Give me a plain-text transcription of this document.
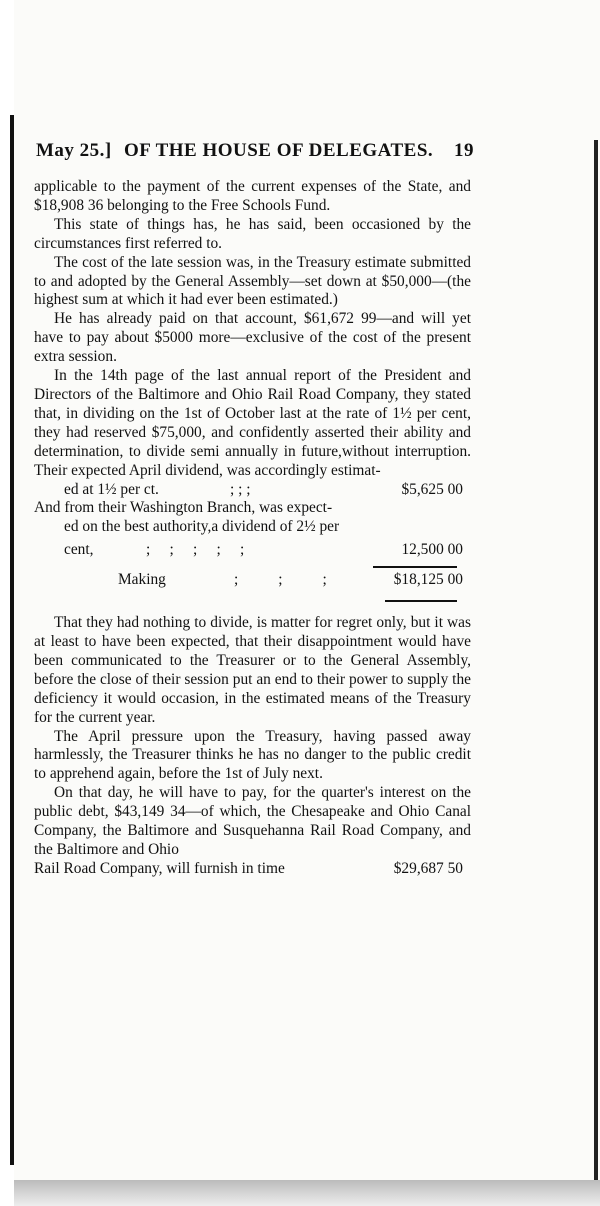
May 25.] OF THE HOUSE OF DELEGATES. 19

applicable to the payment of the current expenses of the State, and $18,908 36 belonging to the Free Schools Fund.

This state of things has, he has said, been occasioned by the circumstances first referred to.

The cost of the late session was, in the Treasury estimate submitted to and adopted by the General Assembly—set down at $50,000—(the highest sum at which it had ever been estimated.)

He has already paid on that account, $61,672 99—and will yet have to pay about $5000 more—exclusive of the cost of the present extra session.

In the 14th page of the last annual report of the President and Directors of the Baltimore and Ohio Rail Road Company, they stated that, in dividing on the 1st of October last at the rate of 1½ per cent, they had reserved $75,000, and confidently asserted their ability and determination, to divide semi annually in future,without interruption. Their expected April dividend, was accordingly estimat-

ed at 1½ per ct.	; ; ;	$5,625 00
And from their Washington Branch, was expect-
ed on the best authority,a dividend of 2½ per
cent,	;     ;     ;     ;     ;	12,500 00
Making	;;; $18,125 00

That they had nothing to divide, is matter for regret only, but it was at least to have been expected, that their disappointment would have been communicated to the Treasurer or to the General Assembly, before the close of their session put an end to their power to supply the deficiency it would occasion, in the estimated means of the Treasury for the current year.

The April pressure upon the Treasury, having passed away harmlessly, the Treasurer thinks he has no danger to the public credit to apprehend again, before the 1st of July next.

On that day, he will have to pay, for the quarter's interest on the public debt, $43,149 34—of which, the Chesapeake and Ohio Canal Company, the Baltimore and Susquehanna Rail Road Company, and the Baltimore and Ohio

Rail Road Company, will furnish in time	$29,687 50
